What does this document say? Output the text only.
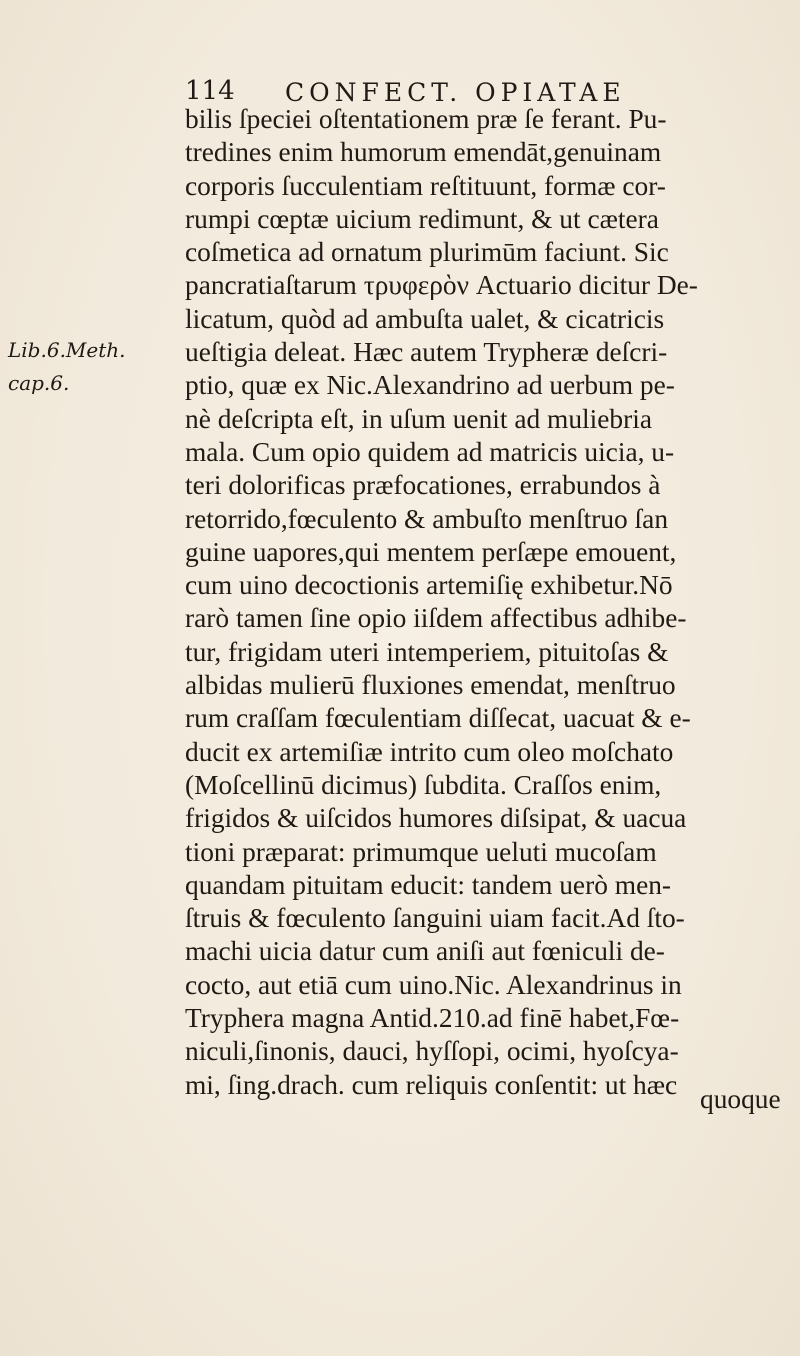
114 CONFECT. OPIATAE
Lib.6.Meth.
cap.6.
bilis ſpeciei oſtentationem præ ſe ferant. Pu-
tredines enim humorum emendāt,genuinam
corporis ſucculentiam reſtituunt, formæ cor-
rumpi cœptæ uicium redimunt, & ut cætera
coſmetica ad ornatum plurimūm faciunt. Sic
pancratiaſtarum τρυφερὸν Actuario dicitur De-
licatum, quòd ad ambuſta ualet, & cicatricis
ueſtigia deleat. Hæc autem Trypheræ deſcri-
ptio, quæ ex Nic.Alexandrino ad uerbum pe-
nè deſcripta eſt, in uſum uenit ad muliebria
mala. Cum opio quidem ad matricis uicia, u-
teri dolorificas præfocationes, errabundos à
retorrido,fœculento & ambuſto menſtruo ſan
guine uapores,qui mentem perſæpe emouent,
cum uino decoctionis artemiſię exhibetur.Nō
rarò tamen ſine opio iiſdem affectibus adhibe-
tur, frigidam uteri intemperiem, pituitoſas &
albidas mulierū fluxiones emendat, menſtruo
rum craſſam fœculentiam diſſecat, uacuat & e-
ducit ex artemiſiæ intrito cum oleo moſchato
(Moſcellinū dicimus) ſubdita. Craſſos enim,
frigidos & uiſcidos humores diſsipat, & uacua
tioni præparat: primumque ueluti mucoſam
quandam pituitam educit: tandem uerò men-
ſtruis & fœculento ſanguini uiam facit.Ad ſto-
machi uicia datur cum aniſi aut fœniculi de-
cocto, aut etiā cum uino.Nic. Alexandrinus in
Tryphera magna Antid.210.ad finē habet,Fœ-
niculi,ſinonis, dauci, hyſſopi, ocimi, hyoſcya-
mi, ſing.drach. cum reliquis conſentit: ut hæc quoque
